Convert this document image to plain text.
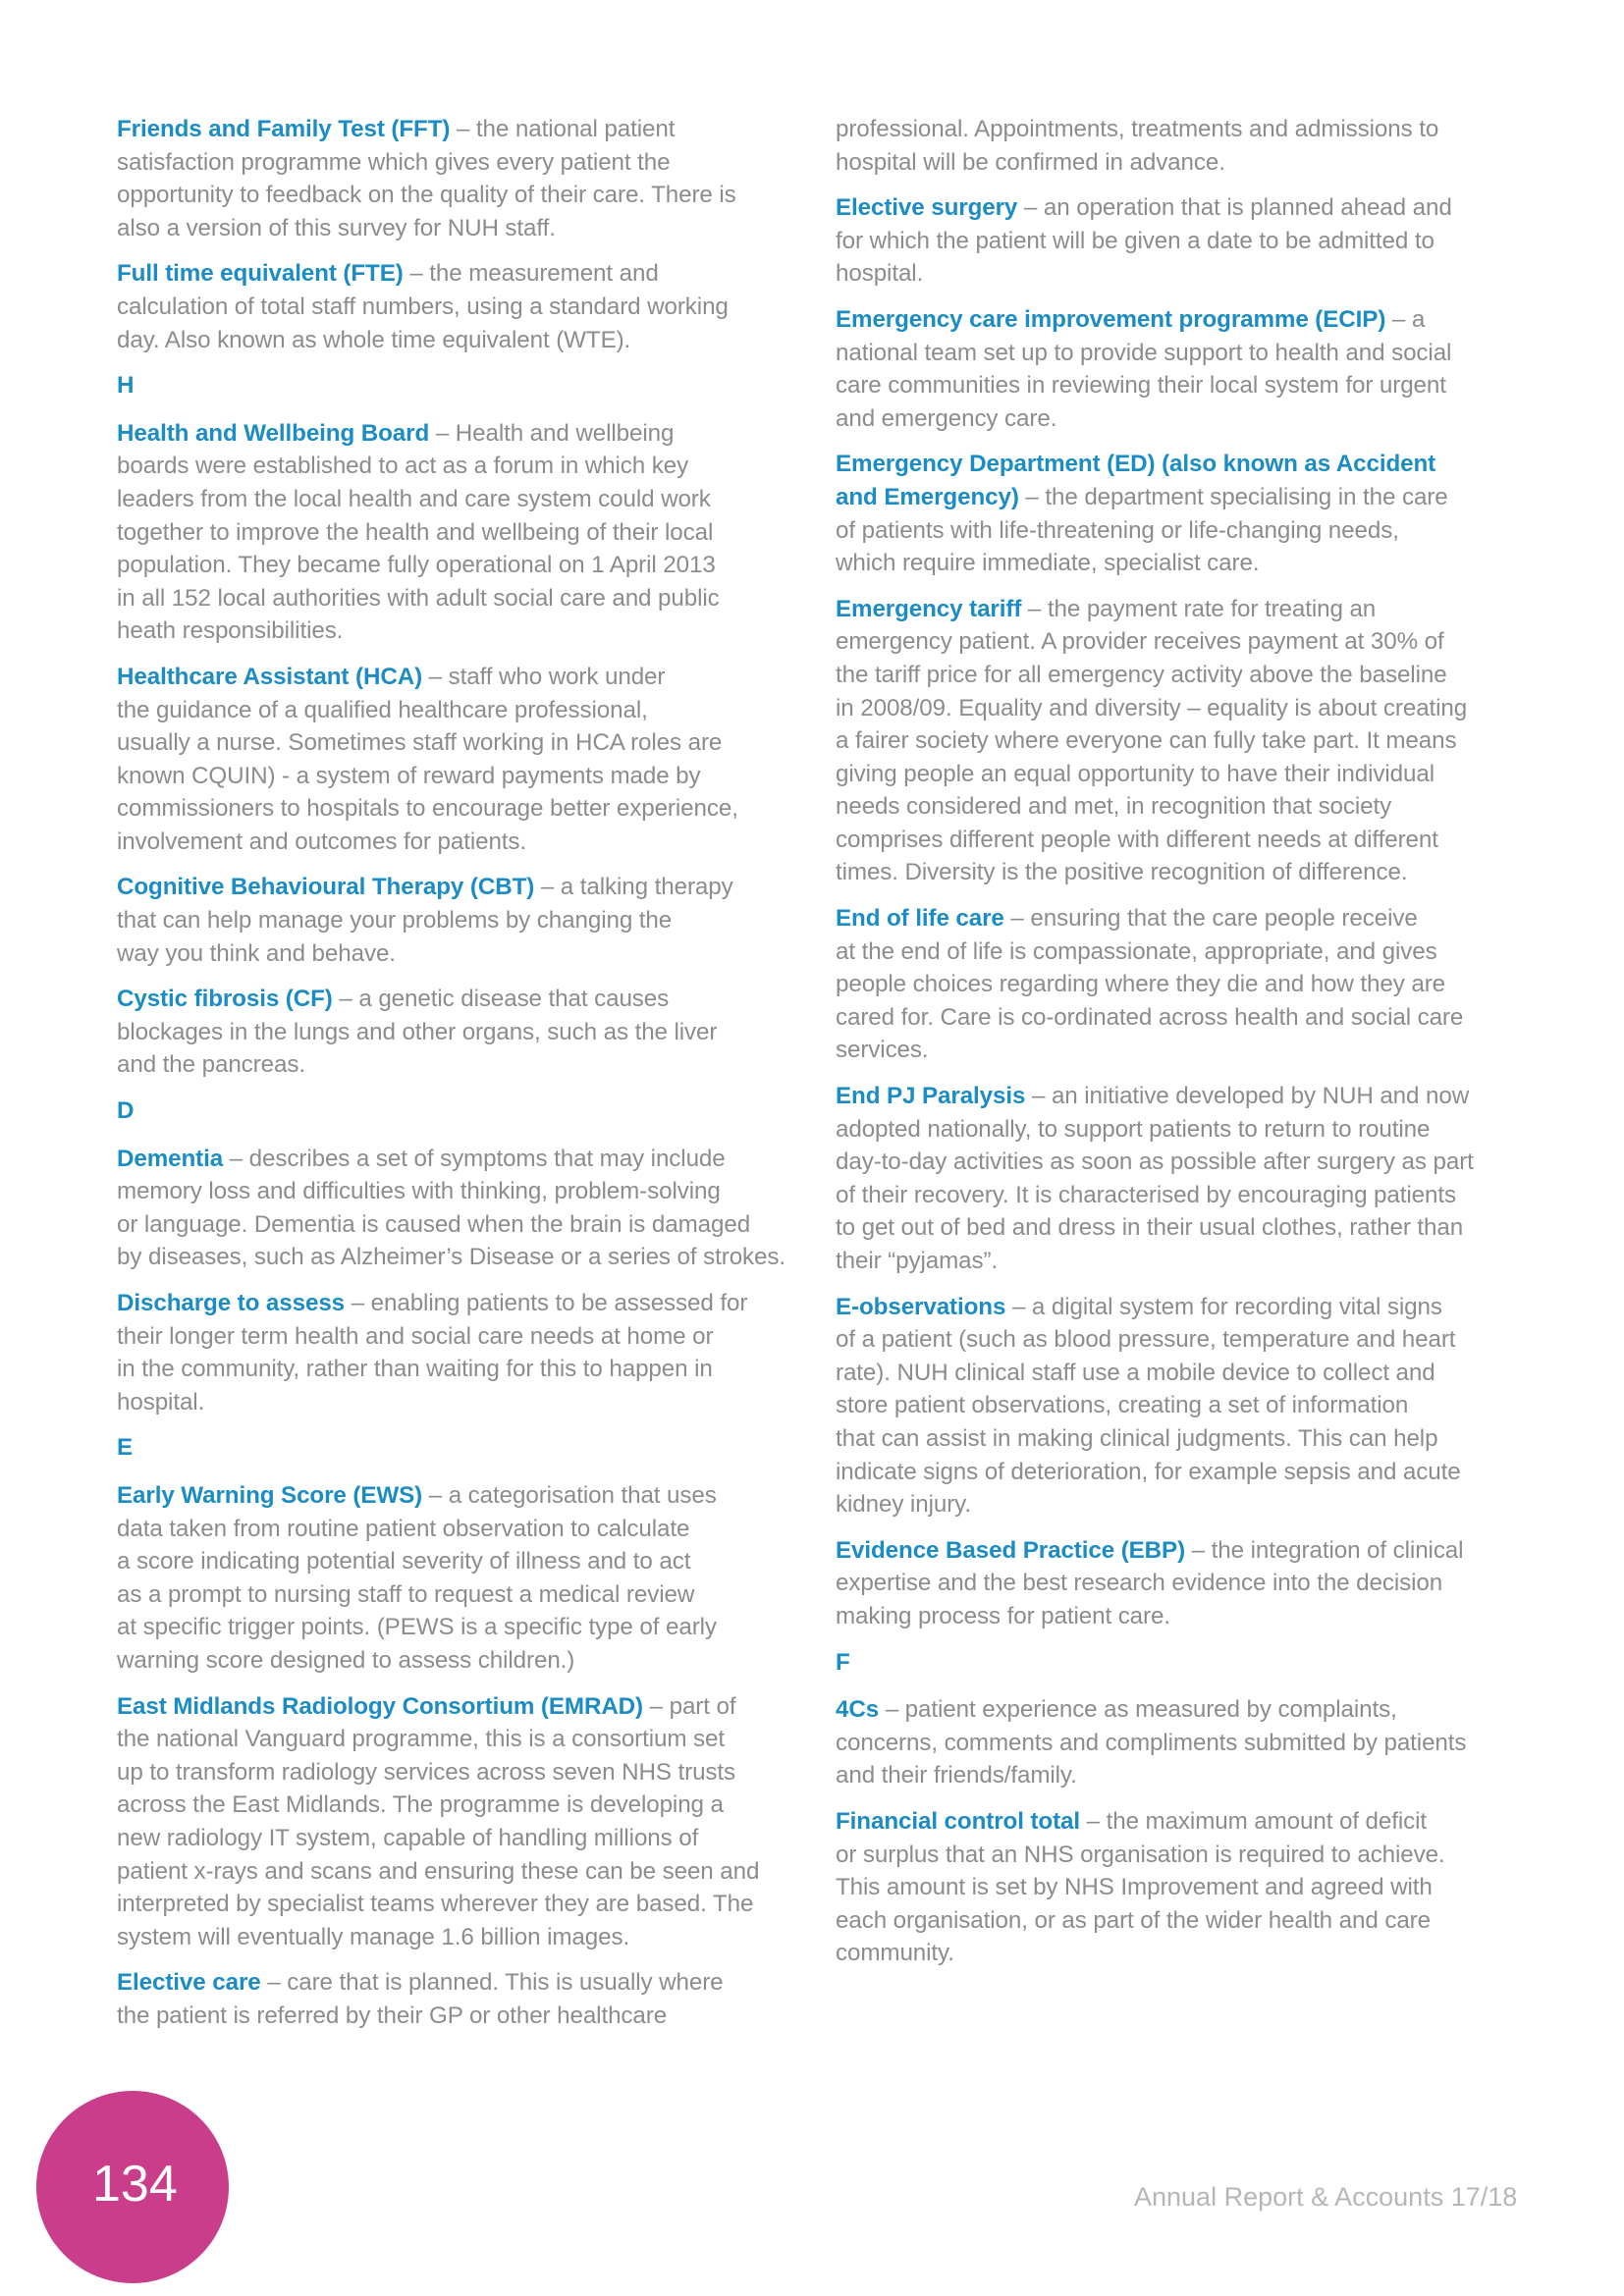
Friends and Family Test (FFT) – the national patient
satisfaction programme which gives every patient the
opportunity to feedback on the quality of their care. There is
also a version of this survey for NUH staff.

Full time equivalent (FTE) – the measurement and
calculation of total staff numbers, using a standard working
day. Also known as whole time equivalent (WTE).

H

Health and Wellbeing Board – Health and wellbeing
boards were established to act as a forum in which key
leaders from the local health and care system could work
together to improve the health and wellbeing of their local
population. They became fully operational on 1 April 2013
in all 152 local authorities with adult social care and public
heath responsibilities.

Healthcare Assistant (HCA) – staff who work under
the guidance of a qualified healthcare professional,
usually a nurse. Sometimes staff working in HCA roles are
known CQUIN) - a system of reward payments made by
commissioners to hospitals to encourage better experience,
involvement and outcomes for patients.

Cognitive Behavioural Therapy (CBT) – a talking therapy
that can help manage your problems by changing the
way you think and behave.

Cystic fibrosis (CF) – a genetic disease that causes
blockages in the lungs and other organs, such as the liver
and the pancreas.

D

Dementia – describes a set of symptoms that may include
memory loss and difficulties with thinking, problem-solving
or language. Dementia is caused when the brain is damaged
by diseases, such as Alzheimer’s Disease or a series of strokes.

Discharge to assess – enabling patients to be assessed for
their longer term health and social care needs at home or
in the community, rather than waiting for this to happen in
hospital.

E

Early Warning Score (EWS) – a categorisation that uses
data taken from routine patient observation to calculate
a score indicating potential severity of illness and to act
as a prompt to nursing staff to request a medical review
at specific trigger points. (PEWS is a specific type of early
warning score designed to assess children.)

East Midlands Radiology Consortium (EMRAD) – part of
the national Vanguard programme, this is a consortium set
up to transform radiology services across seven NHS trusts
across the East Midlands. The programme is developing a
new radiology IT system, capable of handling millions of
patient x-rays and scans and ensuring these can be seen and
interpreted by specialist teams wherever they are based. The
system will eventually manage 1.6 billion images.

Elective care – care that is planned. This is usually where
the patient is referred by their GP or other healthcare

professional. Appointments, treatments and admissions to
hospital will be confirmed in advance.

Elective surgery – an operation that is planned ahead and
for which the patient will be given a date to be admitted to
hospital.

Emergency care improvement programme (ECIP) – a
national team set up to provide support to health and social
care communities in reviewing their local system for urgent
and emergency care.

Emergency Department (ED) (also known as Accident
and Emergency) – the department specialising in the care
of patients with life-threatening or life-changing needs,
which require immediate, specialist care.

Emergency tariff – the payment rate for treating an
emergency patient. A provider receives payment at 30% of
the tariff price for all emergency activity above the baseline
in 2008/09. Equality and diversity – equality is about creating
a fairer society where everyone can fully take part. It means
giving people an equal opportunity to have their individual
needs considered and met, in recognition that society
comprises different people with different needs at different
times. Diversity is the positive recognition of difference.

End of life care – ensuring that the care people receive
at the end of life is compassionate, appropriate, and gives
people choices regarding where they die and how they are
cared for. Care is co-ordinated across health and social care
services.

End PJ Paralysis – an initiative developed by NUH and now
adopted nationally, to support patients to return to routine
day-to-day activities as soon as possible after surgery as part
of their recovery. It is characterised by encouraging patients
to get out of bed and dress in their usual clothes, rather than
their “pyjamas”.

E-observations – a digital system for recording vital signs
of a patient (such as blood pressure, temperature and heart
rate). NUH clinical staff use a mobile device to collect and
store patient observations, creating a set of information
that can assist in making clinical judgments. This can help
indicate signs of deterioration, for example sepsis and acute
kidney injury.

Evidence Based Practice (EBP) – the integration of clinical
expertise and the best research evidence into the decision
making process for patient care.

F

4Cs – patient experience as measured by complaints,
concerns, comments and compliments submitted by patients
and their friends/family.

Financial control total – the maximum amount of deficit
or surplus that an NHS organisation is required to achieve.
This amount is set by NHS Improvement and agreed with
each organisation, or as part of the wider health and care
community.

134	Annual Report & Accounts 17/18
